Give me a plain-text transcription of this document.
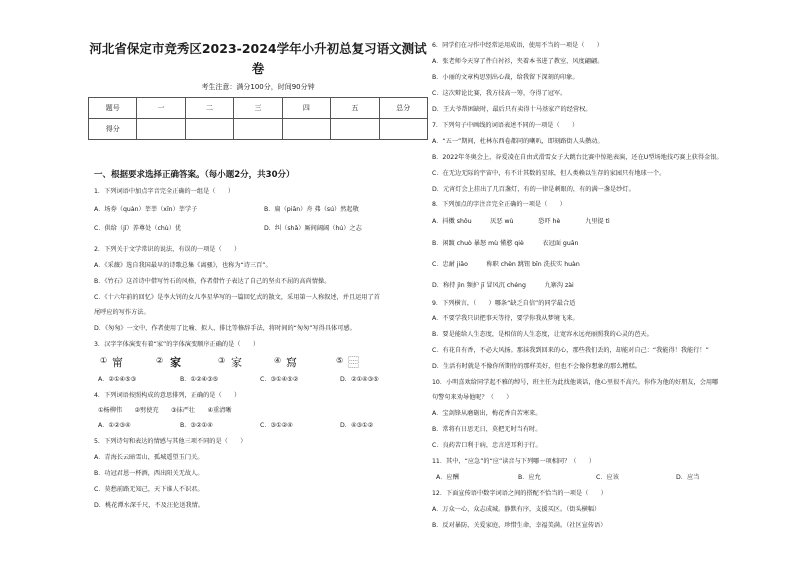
河北省保定市竞秀区2023-2024学年小升初总复习语文测试
卷
考生注意：满分100分，时间90分钟
题号	一	二	三	四	五	总分
得分						
一、根据要求选择正确答案。（每小题2分，共30分）
1．下列词语中加点字音完全正确的一组是（　　）
A．场券（quàn）莘莘（xīn）莘学子	B．扁（piān）舟 弗（sú）然起敬
C．供给（jǐ）养尊处（chù）优	D．纠（shǎ）厮间阔阔（hú）之志
2．下列关于文学常识的说法，有误的一项是（　　）
A．《采薇》选自我国最早的诗歌总集《离骚》，也称为“诗三百”。
B．《竹石》这首诗中借写竹石的风格，作者借竹子表达了自己的坚贞不屈的高尚情操。
C．《十六年前的回忆》是李大钊的女儿李星华写的一篇回忆式的散文，采用第一人称叙述，并且运用了首
尾呼应的写作方法。
D．《匆匆》一文中，作者使用了比喻、拟人、排比等修辞手法，将时间的“匆匆”写得具体可感。
3．汉字字体演变有着“家”的字体演变顺序正确的是（　　）
① 甯	② 家	③ 家	④ 寫	⑤ ⿳
A．②①④⑤③	B．①②④③⑤	C．③①④⑤②	D．②①④③⑤
4．下列词语按照构成的意思排列，正确的是（　　）
①杨柳伟　　②劈使充　　③抹严壮　　④重清晰
A．①②③④	B．③②①④	C．③①②④	D．④③①②
5．下列诗句和表达的情感与其他三项不同的是（　　）
A．青海长云暗雪山，孤城遥望玉门关。
B．功冠君恩一杯酒，西出阳关无故人。
C．莫愁前路无知己，天下谁人不识君。
D．桃花潭水深千尺，不及汪伦送我情。
6．同学们在习作中经常运用成语，使用不当的一项是（　　）
A．张老师今天穿了件白衬衫，夹着本书进了教室，风度翩翩。
B．小丽的文章构思别出心裁，给我留下深刻的印象。
C．这次辩论比赛，我方技高一筹，夺得了冠军。
D．王大爷帮困缺时，最后只有卖得十马基家产的经营权。
7．下列句子中画线的词语表述不同的一项是（　　）
A．“五一”期间，杜林东西卷都同的喇叭，即刻路街人头攒动。
B．2022年冬奥会上，谷爱凌在自由式滑雪女子大跳台比赛中惊艳表演，还在U型场地技巧赛上获得金银。
C．在无边无际的宇宙中，有不计其数的星球，但人类赖以生存的家园只有地球一个。
D．元宵灯会上挂出了几百盏灯，有的一律是刺眼的，有的满一盏是纱灯。
8．下列加点的字注音完全正确的一项是（　　）
A．抖擞 shǒu　　　厌恶 wù　　　　恐吓 hè　　　　九里提 tì
B．闲踱 chuò 暴怒 mù 懂憨 qiè　　　衣冠面 guān
C．忠耐 jiāo　　　称职 chèn 跳钮 bīn 洗扶实 huàn
D．称持 jìn 频护 jī 冒风沉 chéng　　　九寨沟 zài
9．下列横言，（　　）哪条“缺乏自信”的同学最合适
A．不要学我只识把事天等待，要学你我从梦境飞来。
B．要是能给人生态度，是相信的人生态度，让宽容永远亮丽照我的心灵的芭天。
C．有花自有香，不必大风扬。那抹我到回来的心，那些我们丢的，却能对自己：“我能得！我能行！”
D．生活有时就是不像你所期待的那样美好，但也不会像你想象的那么糟糕。
10．小明喜欢给同学起不雅的绰号，班主任为此找他谈话，他心里很不高兴。你作为他的好朋友，会用哪
句警句来劝导他呢？（　　）
A．宝剑锋从磨砺出，梅花香自苦寒来。
B．常将有日思无日，莫把无时当有时。
C．良药苦口利于病，忠言逆耳利于行。
11．其中，“应急”的“应”读音与下列哪一项相同？（　　）
A．应酬	B．应允	C．应该	D．应当
12．下面宣传语中数字词语之间的搭配不恰当的一项是（　　）
A．万众一心，众志成城。静默有序，支援买区。（街头横幅）
B．反对暴防，关爱家庭，珍惜生命，幸福美满。（社区宣传语）
